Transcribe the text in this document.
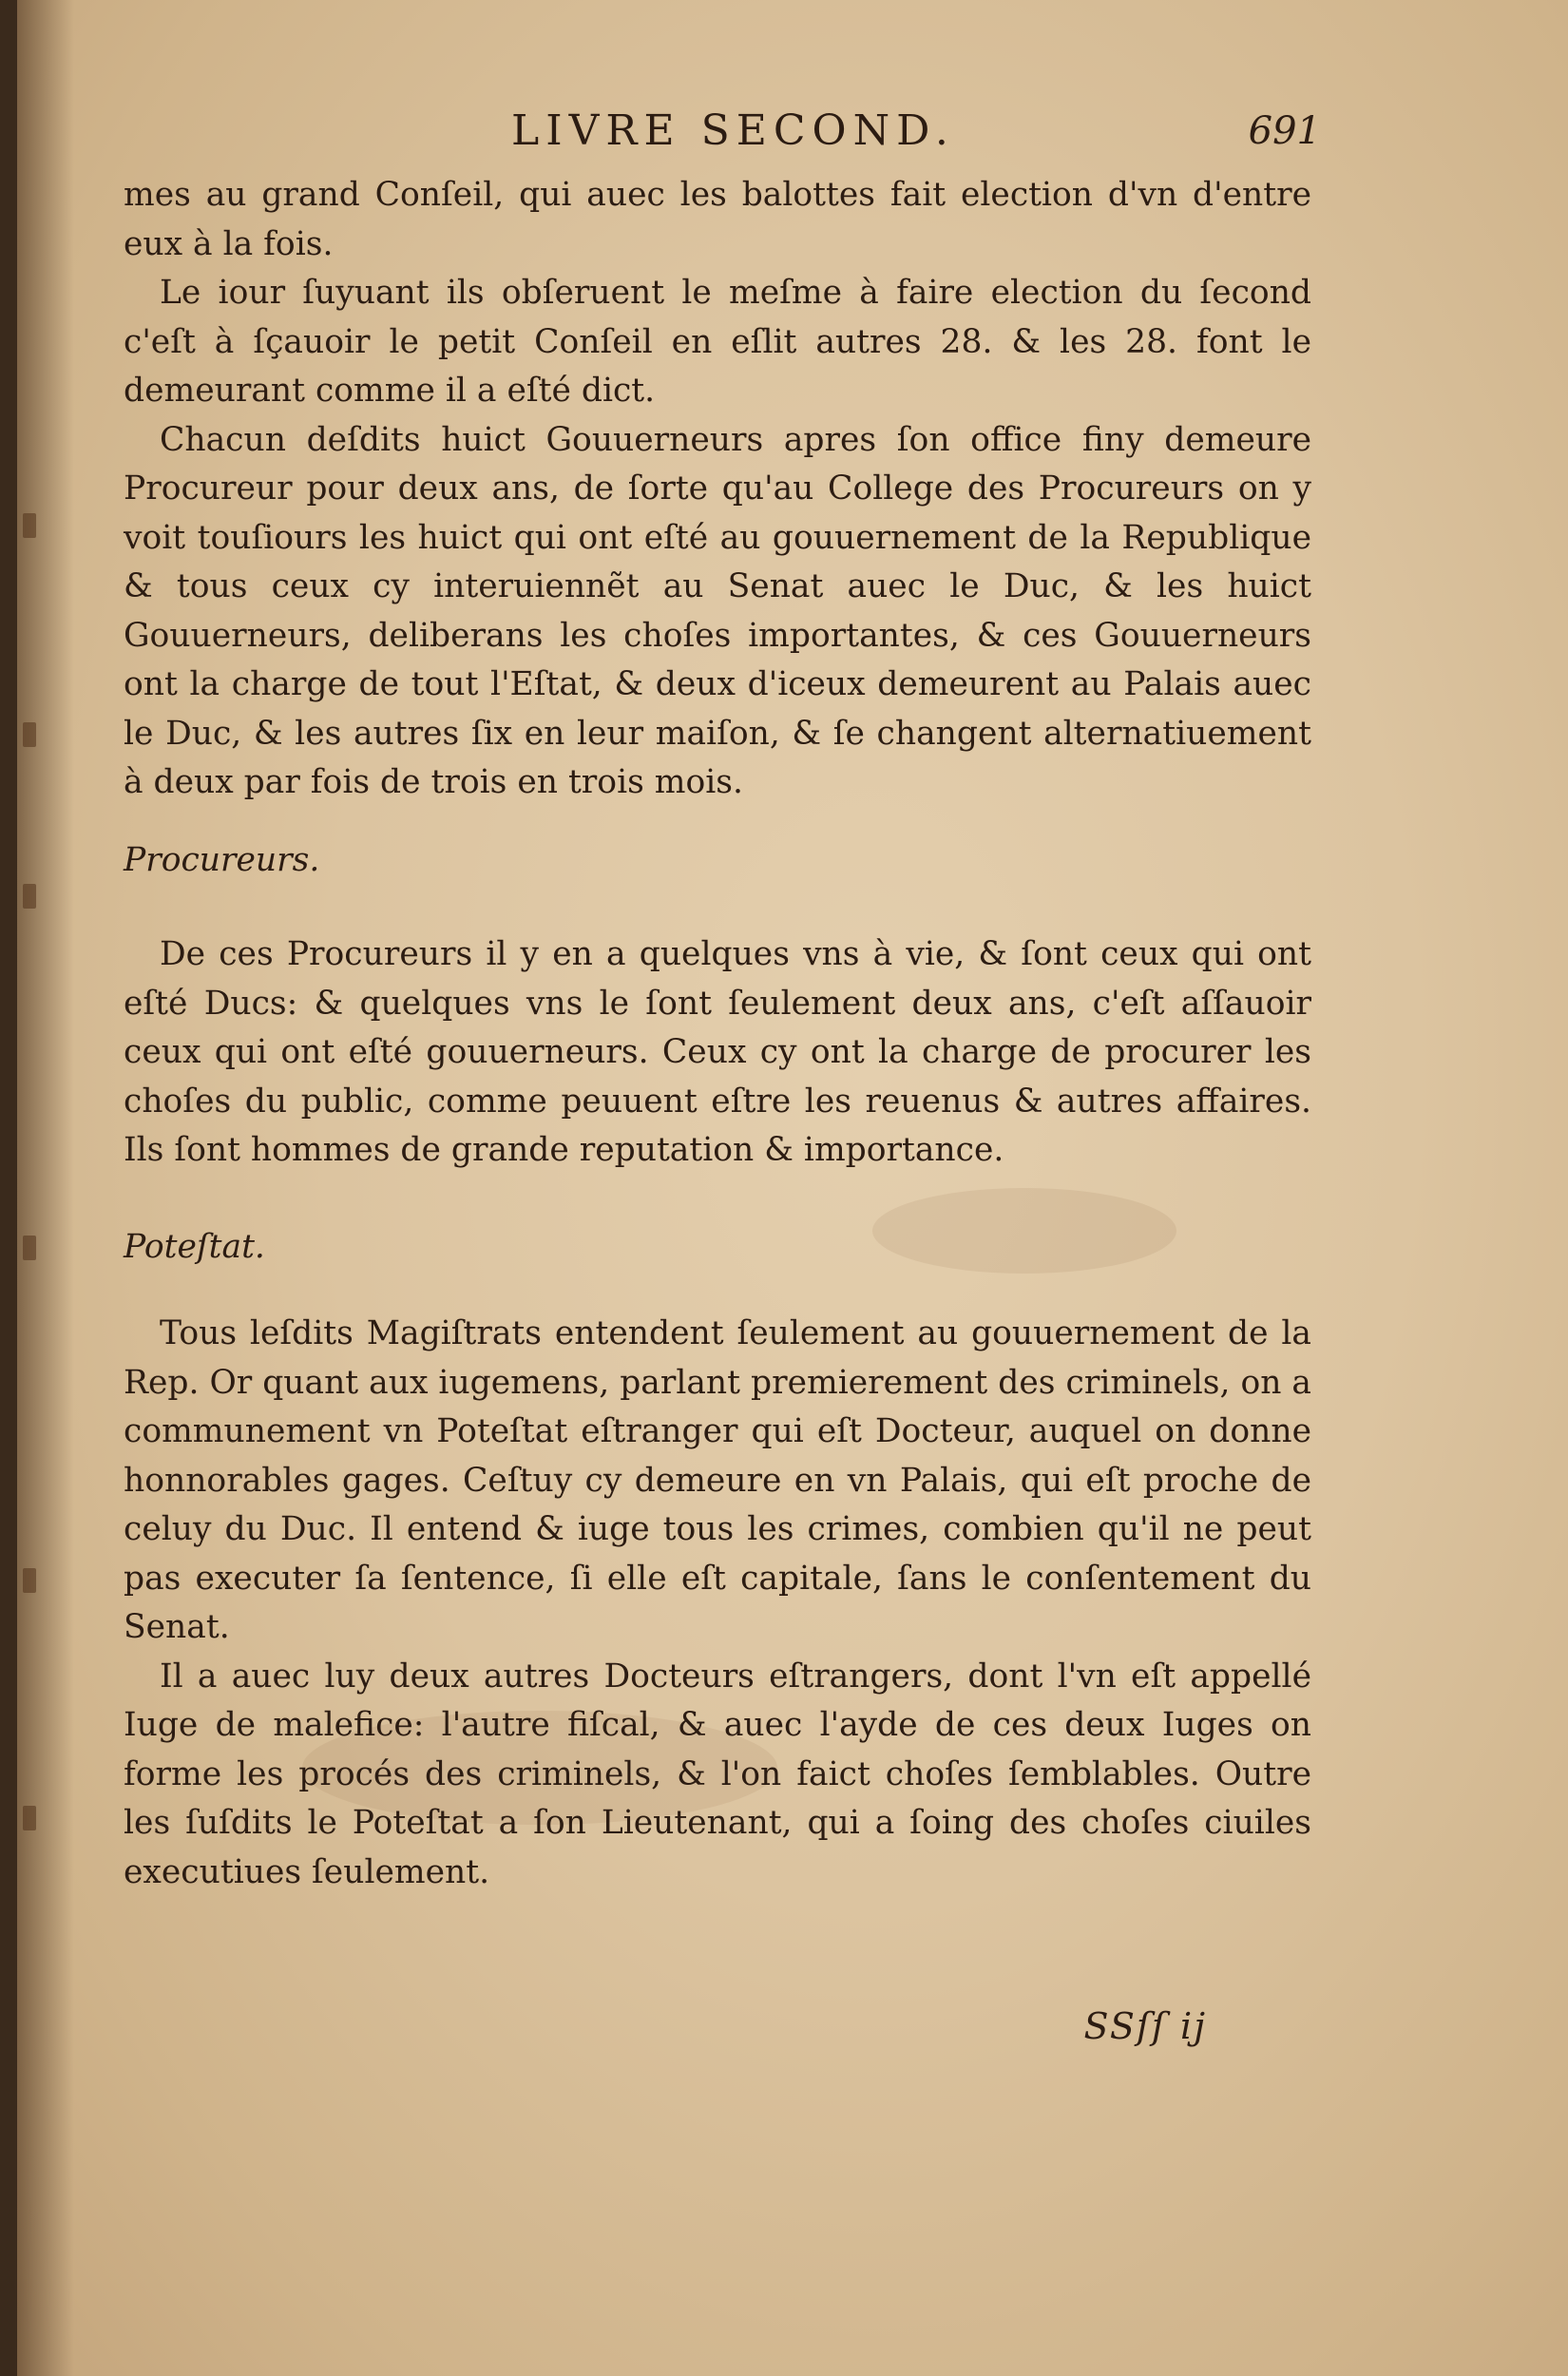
LIVRE SECOND.	691

mes au grand Conſeil, qui auec les balottes fait election d'vn d'entre eux à la fois.

Le iour ſuyuant ils obſeruent le meſme à faire election du ſecond c'eſt à ſçauoir le petit Conſeil en eſlit autres 28. & les 28. font le demeurant comme il a eſté dict.

Chacun deſdits huict Gouuerneurs apres ſon office finy demeure Procureur pour deux ans, de ſorte qu'au College des Procureurs on y voit touſiours les huict qui ont eſté au gouuernement de la Republique & tous ceux cy interuiennẽt au Senat auec le Duc, & les huict Gouuerneurs, deliberans les choſes importantes, & ces Gouuerneurs ont la charge de tout l'Eſtat, & deux d'iceux demeurent au Palais auec le Duc, & les autres ſix en leur maiſon, & ſe changent alternatiuement à deux par fois de trois en trois mois.

Procureurs.

De ces Procureurs il y en a quelques vns à vie, & ſont ceux qui ont eſté Ducs: & quelques vns le ſont ſeulement deux ans, c'eſt aſſauoir ceux qui ont eſté gouuerneurs. Ceux cy ont la charge de procurer les choſes du public, comme peuuent eſtre les reuenus & autres affaires. Ils ſont hommes de grande reputation & importance.

Poteſtat.

Tous leſdits Magiſtrats entendent ſeulement au gouuernement de la Rep. Or quant aux iugemens, parlant premierement des criminels, on a communement vn Poteſtat eſtranger qui eſt Docteur, auquel on donne honnorables gages. Ceſtuy cy demeure en vn Palais, qui eſt proche de celuy du Duc. Il entend & iuge tous les crimes, combien qu'il ne peut pas executer ſa ſentence, ſi elle eſt capitale, ſans le conſentement du Senat.

Il a auec luy deux autres Docteurs eſtrangers, dont l'vn eſt appellé Iuge de malefice: l'autre fiſcal, & auec l'ayde de ces deux Iuges on forme les procés des criminels, & l'on faict choſes ſemblables. Outre les ſuſdits le Poteſtat a ſon Lieutenant, qui a ſoing des choſes ciuiles executiues ſeulement.

SSſſ ij
